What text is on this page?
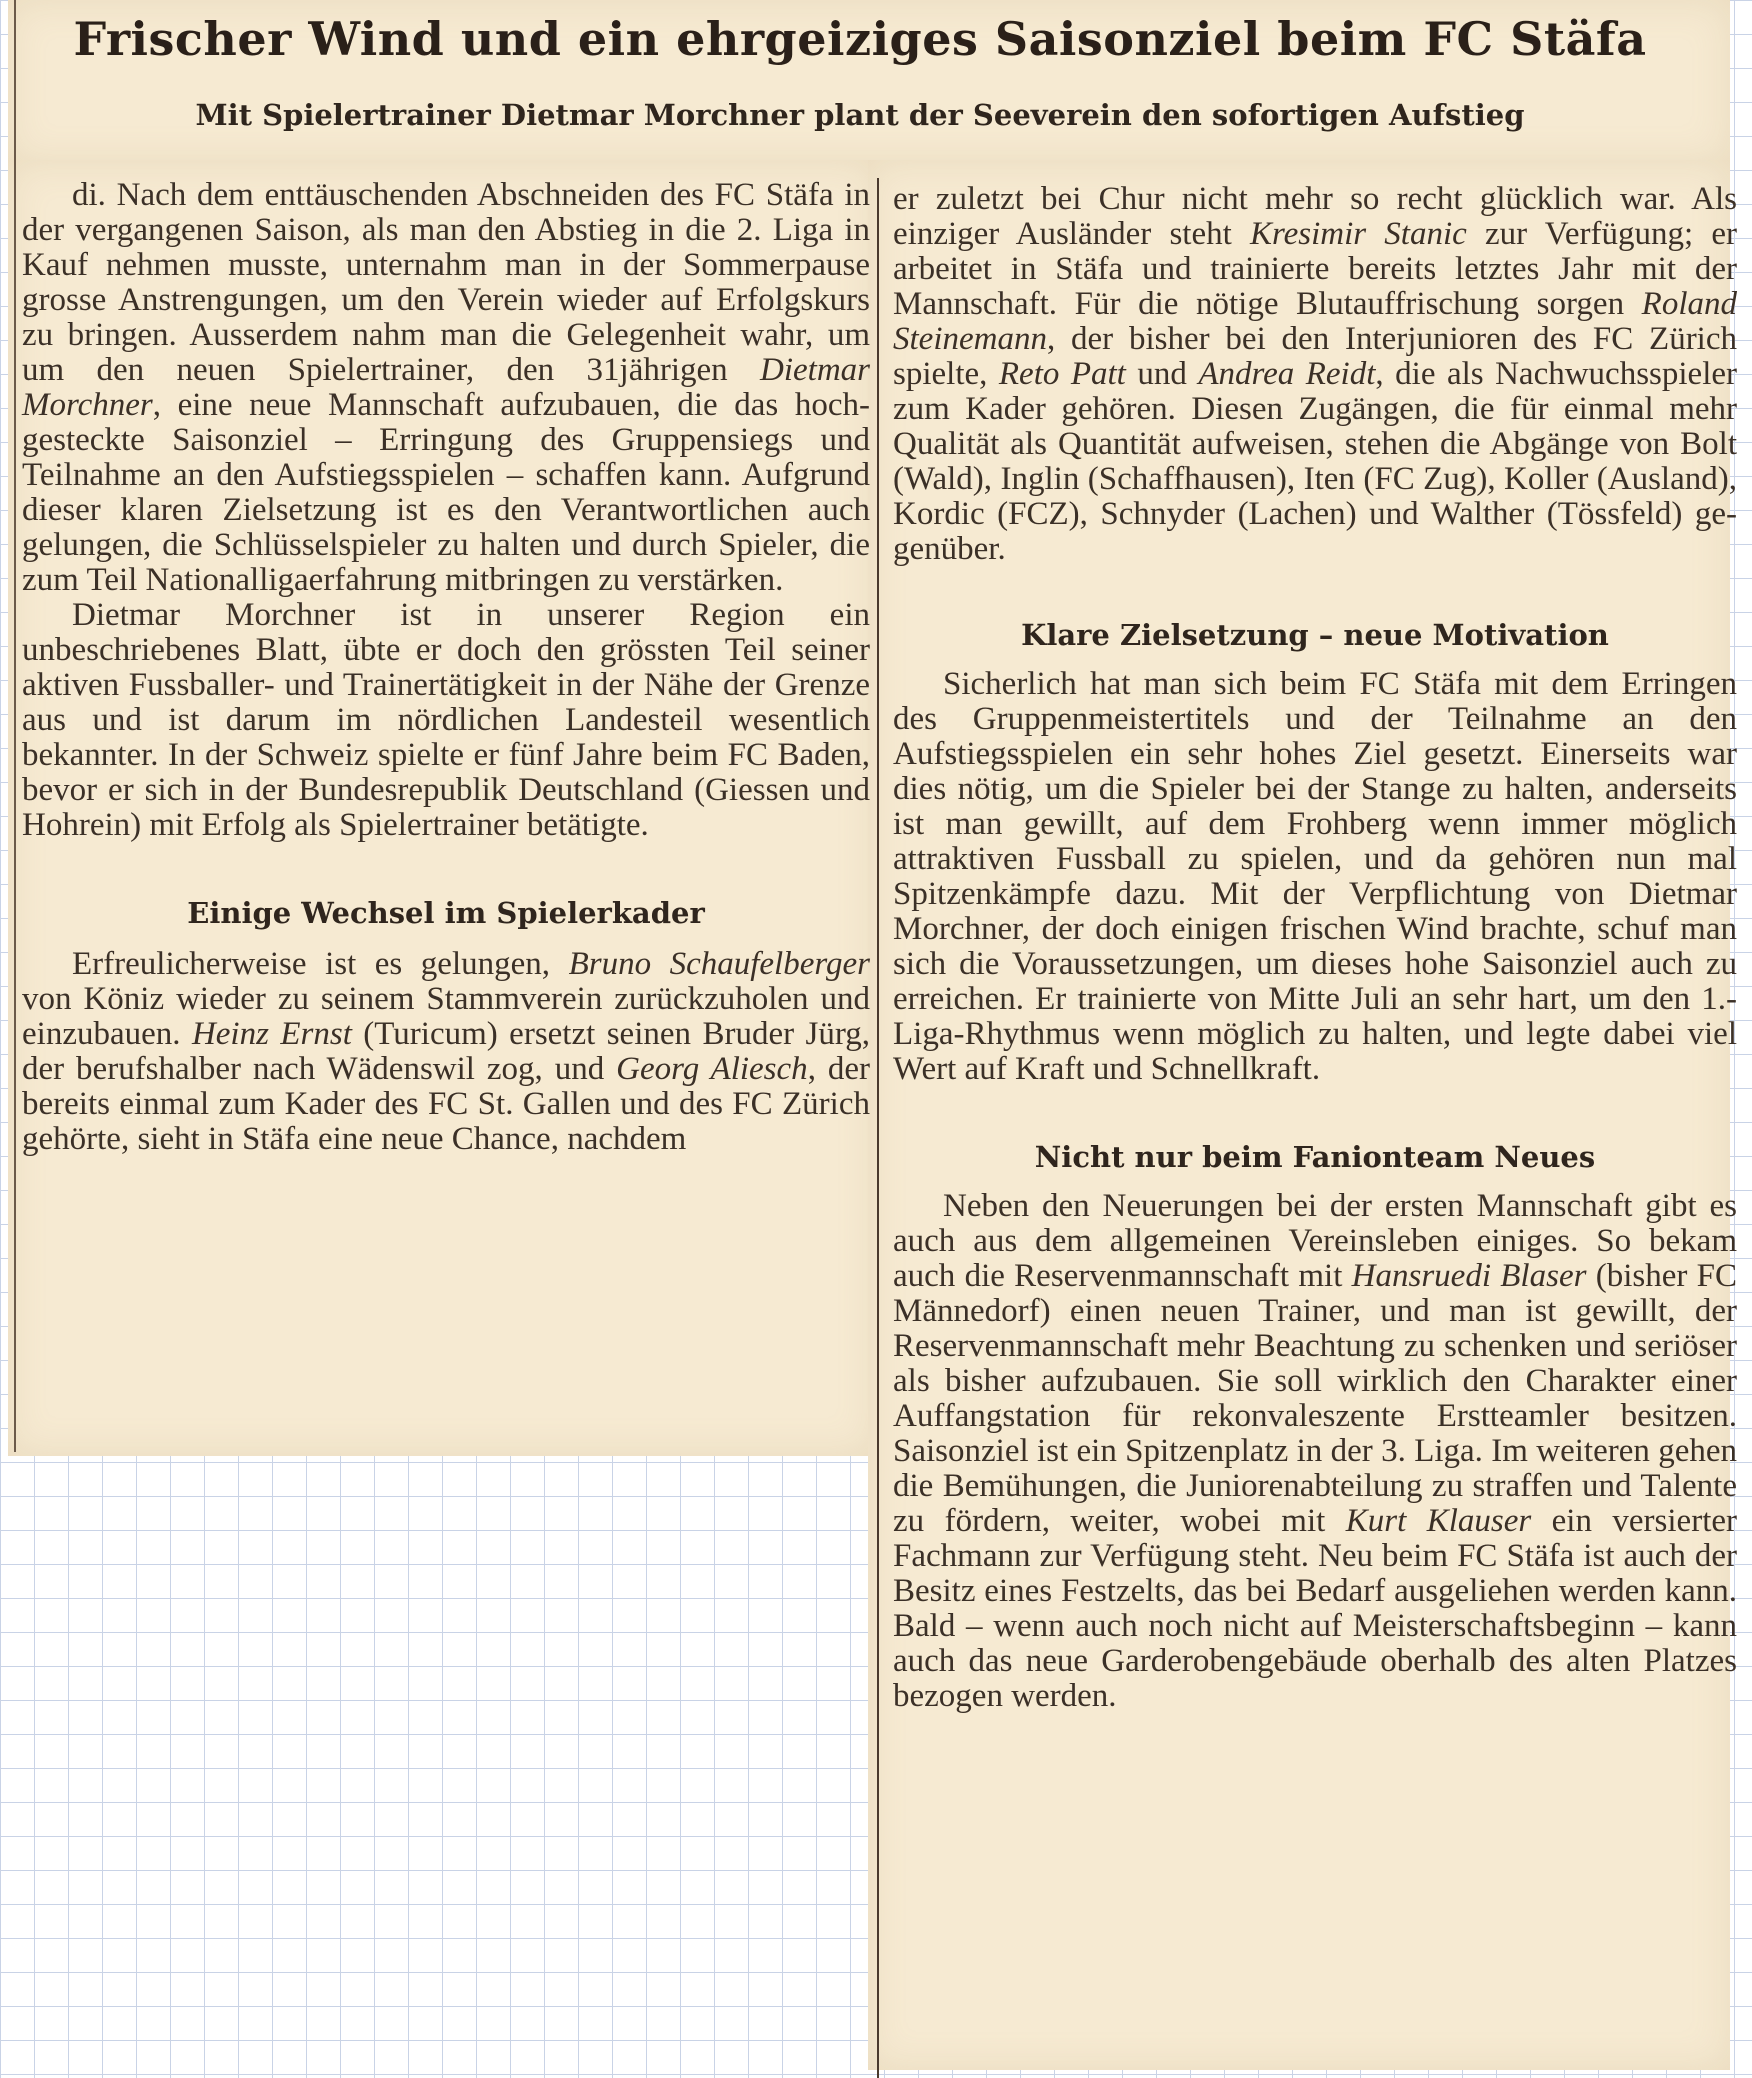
Frischer Wind und ein ehrgeiziges Saisonziel beim FC Stäfa
Mit Spielertrainer Dietmar Morchner plant der Seeverein den sofortigen Aufstieg

di. Nach dem enttäuschenden Abschneiden des FC Stäfa in der vergangenen Saison, als man den Abstieg in die 2. Liga in Kauf nehmen musste, unternahm man in der Sommerpause grosse Anstrengungen, um den Verein wieder auf Erfolgskurs zu bringen. Ausserdem nahm man die Gelegenheit wahr, um um den neuen Spielertrainer, den 31jährigen Dietmar Morchner, eine neue Mannschaft aufzubauen, die das hochgesteckte Saisonziel – Erringung des Gruppensiegs und Teilnahme an den Aufstiegsspielen – schaffen kann. Aufgrund dieser klaren Zielsetzung ist es den Verantwortlichen auch gelungen, die Schlüsselspieler zu halten und durch Spieler, die zum Teil Nationalligaerfahrung mitbringen zu verstärken.

Dietmar Morchner ist in unserer Region ein unbeschriebenes Blatt, übte er doch den grössten Teil seiner aktiven Fussballer- und Trainertätigkeit in der Nähe der Grenze aus und ist darum im nördlichen Landesteil wesentlich bekannter. In der Schweiz spielte er fünf Jahre beim FC Baden, bevor er sich in der Bundesrepublik Deutschland (Giessen und Hohrein) mit Erfolg als Spielertrainer betätigte.

Einige Wechsel im Spielerkader

Erfreulicherweise ist es gelungen, Bruno Schaufelberger von Köniz wieder zu seinem Stammverein zurückzuholen und einzubauen. Heinz Ernst (Turicum) ersetzt seinen Bruder Jürg, der berufshalber nach Wädenswil zog, und Georg Aliesch, der bereits einmal zum Kader des FC St. Gallen und des FC Zürich gehörte, sieht in Stäfa eine neue Chance, nachdem

er zuletzt bei Chur nicht mehr so recht glücklich war. Als einziger Ausländer steht Kresimir Stanic zur Verfügung; er arbeitet in Stäfa und trainierte bereits letztes Jahr mit der Mannschaft. Für die nötige Blutauffrischung sorgen Roland Steinemann, der bisher bei den Interjunioren des FC Zürich spielte, Reto Patt und Andrea Reidt, die als Nachwuchsspieler zum Kader gehören. Diesen Zugängen, die für einmal mehr Qualität als Quantität aufweisen, stehen die Abgänge von Bolt (Wald), Inglin (Schaffhausen), Iten (FC Zug), Koller (Ausland), Kordic (FCZ), Schnyder (Lachen) und Walther (Tössfeld) gegenüber.

Klare Zielsetzung – neue Motivation

Sicherlich hat man sich beim FC Stäfa mit dem Erringen des Gruppenmeistertitels und der Teilnahme an den Aufstiegsspielen ein sehr hohes Ziel gesetzt. Einerseits war dies nötig, um die Spieler bei der Stange zu halten, anderseits ist man gewillt, auf dem Frohberg wenn immer möglich attraktiven Fussball zu spielen, und da gehören nun mal Spitzenkämpfe dazu. Mit der Verpflichtung von Dietmar Morchner, der doch einigen frischen Wind brachte, schuf man sich die Voraussetzungen, um dieses hohe Saisonziel auch zu erreichen. Er trainierte von Mitte Juli an sehr hart, um den 1.-Liga-Rhythmus wenn möglich zu halten, und legte dabei viel Wert auf Kraft und Schnellkraft.

Nicht nur beim Fanionteam Neues

Neben den Neuerungen bei der ersten Mannschaft gibt es auch aus dem allgemeinen Vereinsleben einiges. So bekam auch die Reservenmannschaft mit Hansruedi Blaser (bisher FC Männedorf) einen neuen Trainer, und man ist gewillt, der Reservenmannschaft mehr Beachtung zu schenken und seriöser als bisher aufzubauen. Sie soll wirklich den Charakter einer Auffangstation für rekonvaleszente Ersttеamler besitzen. Saisonziel ist ein Spitzenplatz in der 3. Liga. Im weiteren gehen die Bemühungen, die Juniorenabteilung zu straffen und Talente zu fördern, weiter, wobei mit Kurt Klauser ein versierter Fachmann zur Verfügung steht. Neu beim FC Stäfa ist auch der Besitz eines Festzelts, das bei Bedarf ausgeliehen werden kann. Bald – wenn auch noch nicht auf Meisterschaftsbeginn – kann auch das neue Garderobengebäude oberhalb des alten Platzes bezogen werden.
